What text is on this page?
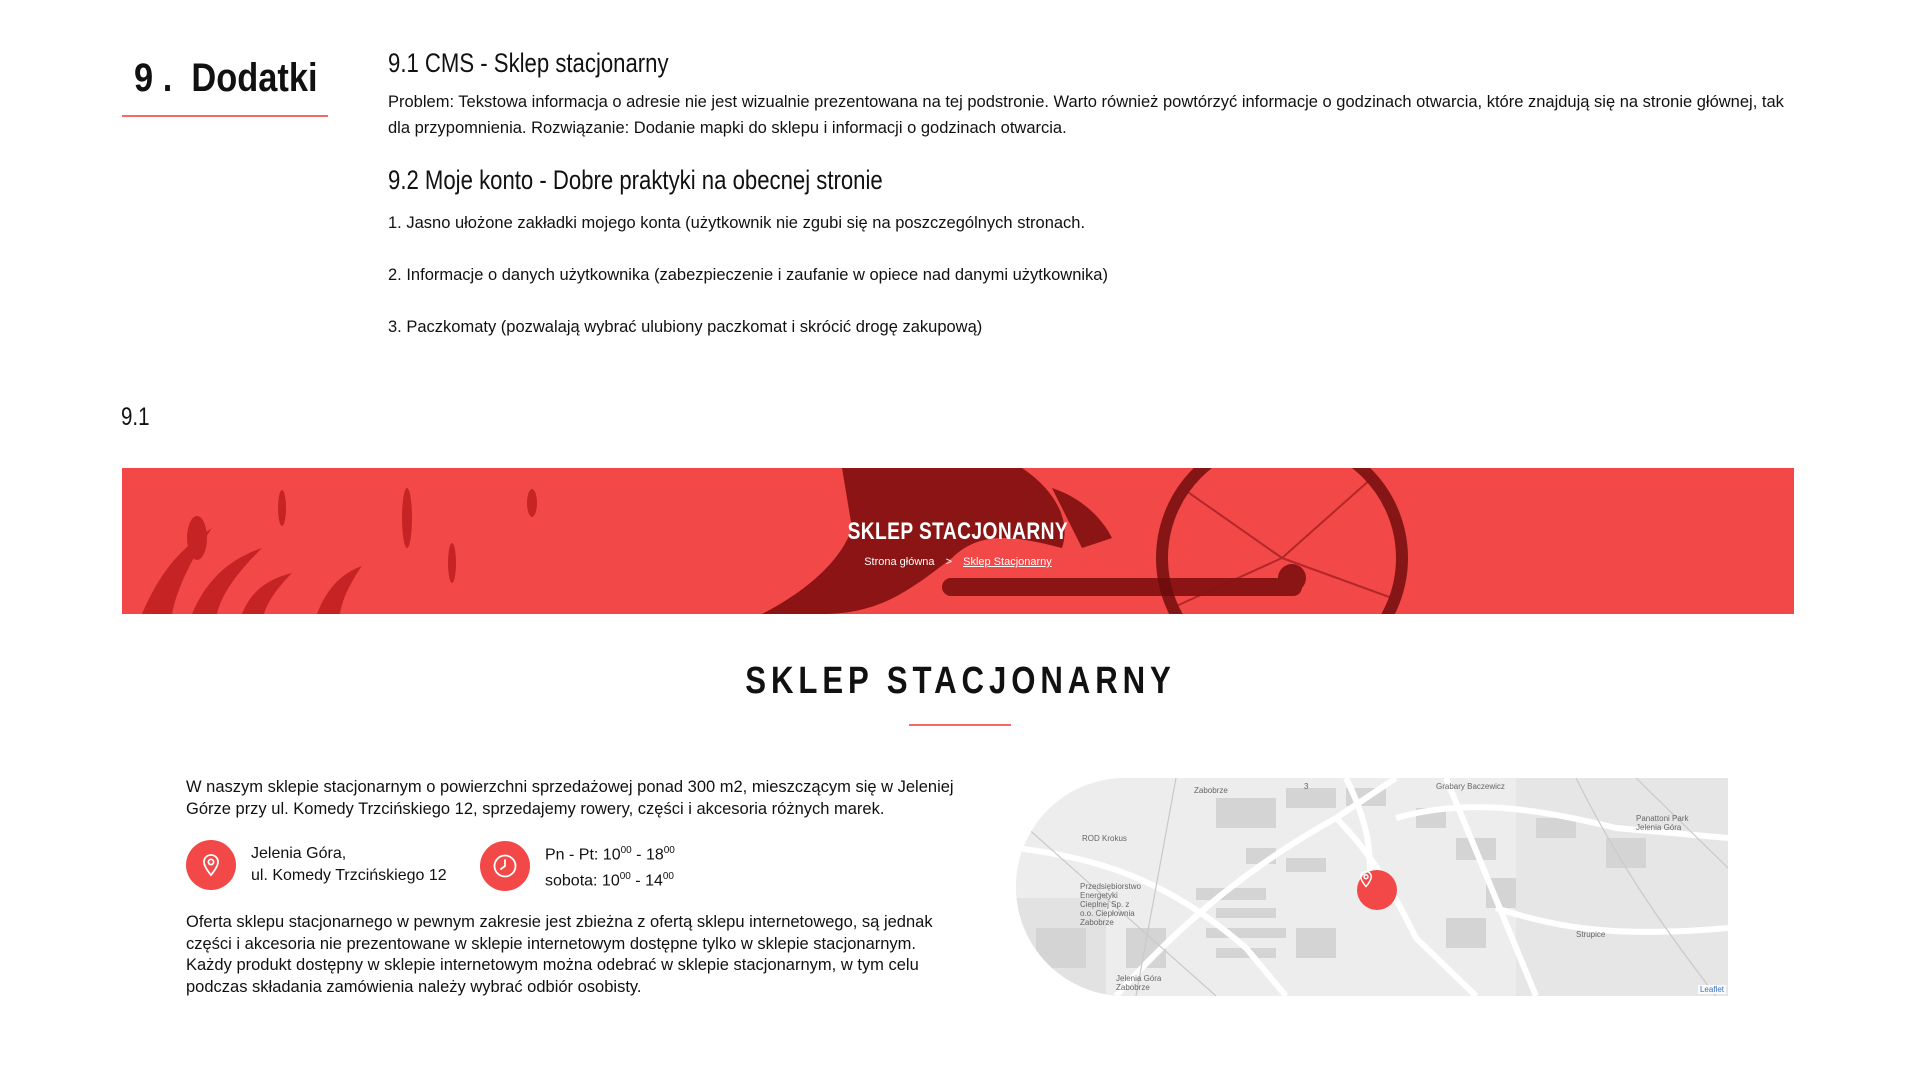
9 . Dodatki	9.1 CMS - Sklep stacjonarny

Problem: Tekstowa informacja o adresie nie jest wizualnie prezentowana na tej podstronie. Warto również powtórzyć informacje o godzinach otwarcia, które znajdują się na stronie głównej, tak dla przypomnienia. Rozwiązanie: Dodanie mapki do sklepu i informacji o godzinach otwarcia.

9.2 Moje konto - Dobre praktyki na obecnej stronie

1. Jasno ułożone zakładki mojego konta (użytkownik nie zgubi się na poszczególnych stronach.

2. Informacje o danych użytkownika (zabezpieczenie i zaufanie w opiece nad danymi użytkownika)

3. Paczkomaty (pozwalają wybrać ulubiony paczkomat i skrócić drogę zakupową)

9.1
SKLEP STACJONARNY
Strona główna > Sklep Stacjonarny
SKLEP STACJONARNY

W naszym sklepie stacjonarnym o powierzchni sprzedażowej ponad 300 m2, mieszczącym się w Jeleniej Górze przy ul. Komedy Trzcińskiego 12, sprzedajemy rowery, części i akcesoria różnych marek.

Jelenia Góra,
ul. Komedy Trzcińskiego 12
Pn - Pt: $10^{00} - 18^{00}$
sobota: $10^{00} - 14^{00}$

Oferta sklepu stacjonarnego w pewnym zakresie jest zbieżna z ofertą sklepu internetowego, są jednak części i akcesoria nie prezentowane w sklepie internetowym dostępne tylko w sklepie stacjonarnym. Każdy produkt dostępny w sklepie internetowym można odebrać w sklepie stacjonarnym, w tym celu podczas składania zamówienia należy wybrać odbiór osobisty.

Zabobrze	Grabary Baczewicz
ROD Krokus
Przedsiębiorstwo Energetyki Cieplnej Sp. z o.o. Ciepłownia Zabobrze
Panattoni Park Jelenia Góra
Strupice
Jelenia Góra Zabobrze
3
Leaflet
